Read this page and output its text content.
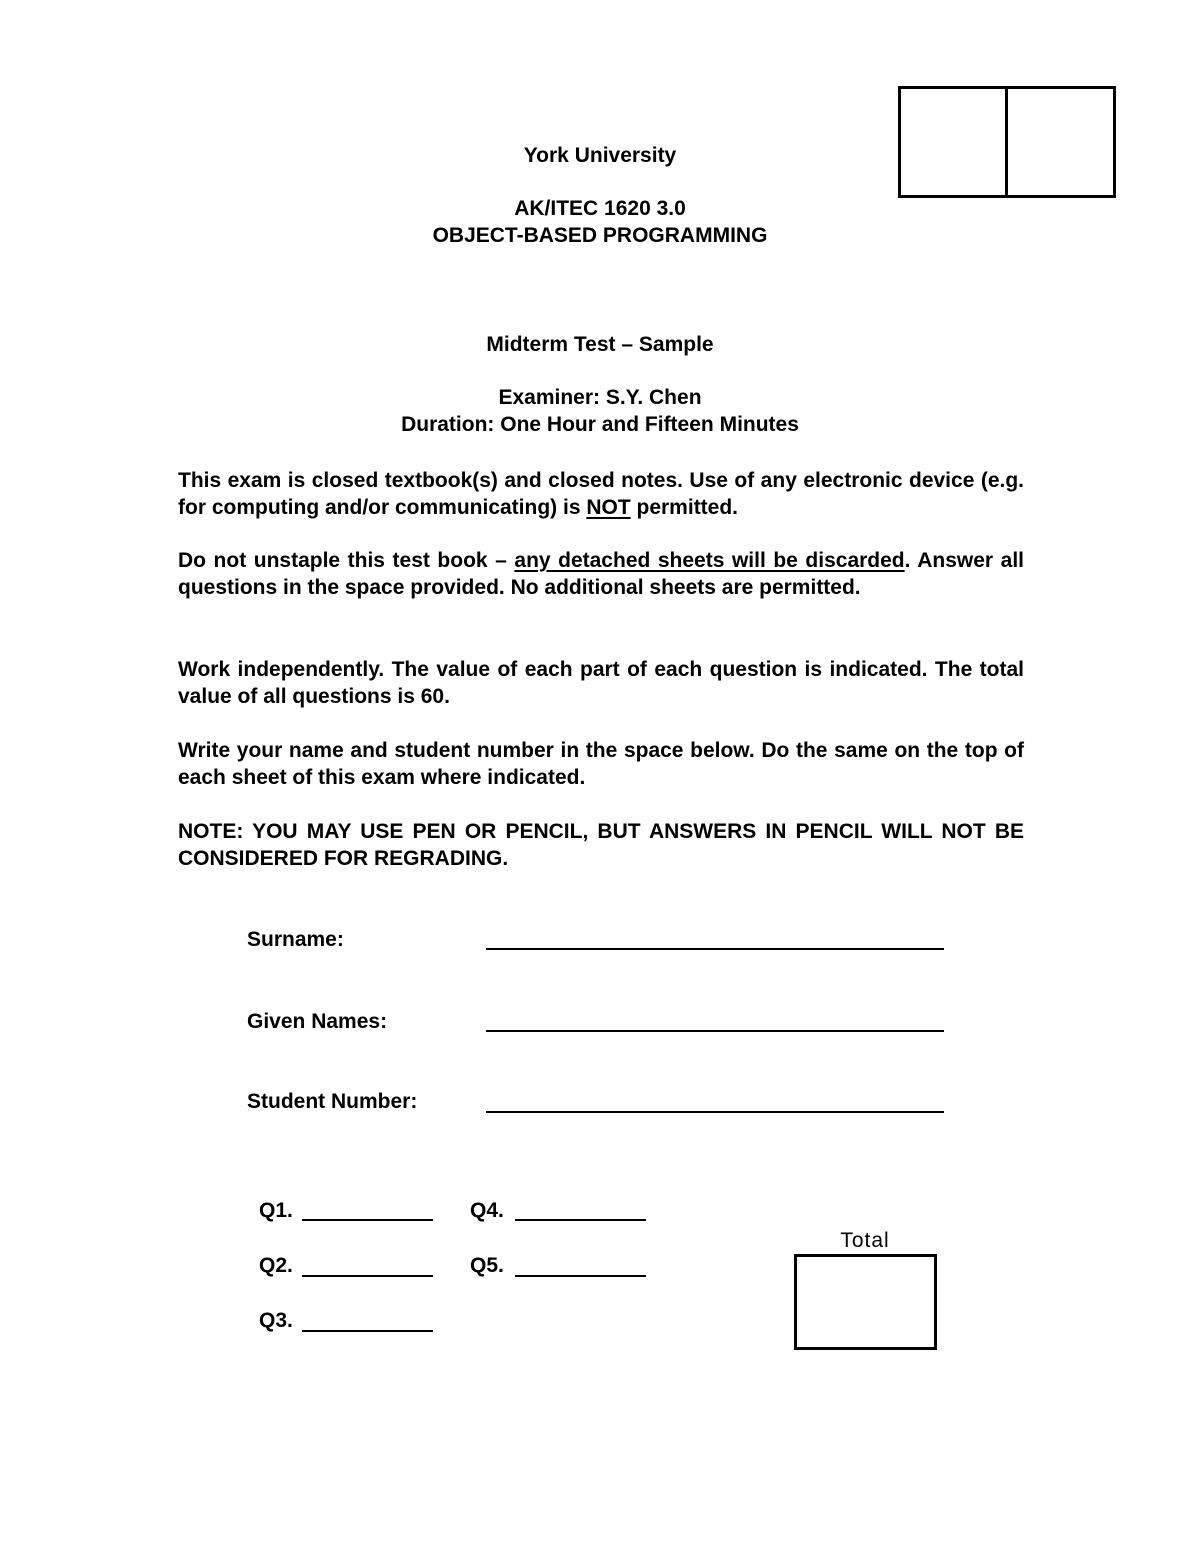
York University
AK/ITEC 1620 3.0
OBJECT-BASED PROGRAMMING
Midterm Test – Sample
Examiner: S.Y. Chen
Duration: One Hour and Fifteen Minutes
This exam is closed textbook(s) and closed notes. Use of any electronic device (e.g. for computing and/or communicating) is NOT permitted.
Do not unstaple this test book – any detached sheets will be discarded. Answer all questions in the space provided. No additional sheets are permitted.
Work independently. The value of each part of each question is indicated. The total value of all questions is 60.
Write your name and student number in the space below. Do the same on the top of each sheet of this exam where indicated.
NOTE: YOU MAY USE PEN OR PENCIL, BUT ANSWERS IN PENCIL WILL NOT BE CONSIDERED FOR REGRADING.
Surname:
Given Names:
Student Number:
Q1.	Q4.
Q2.	Q5.
Q3.
Total
